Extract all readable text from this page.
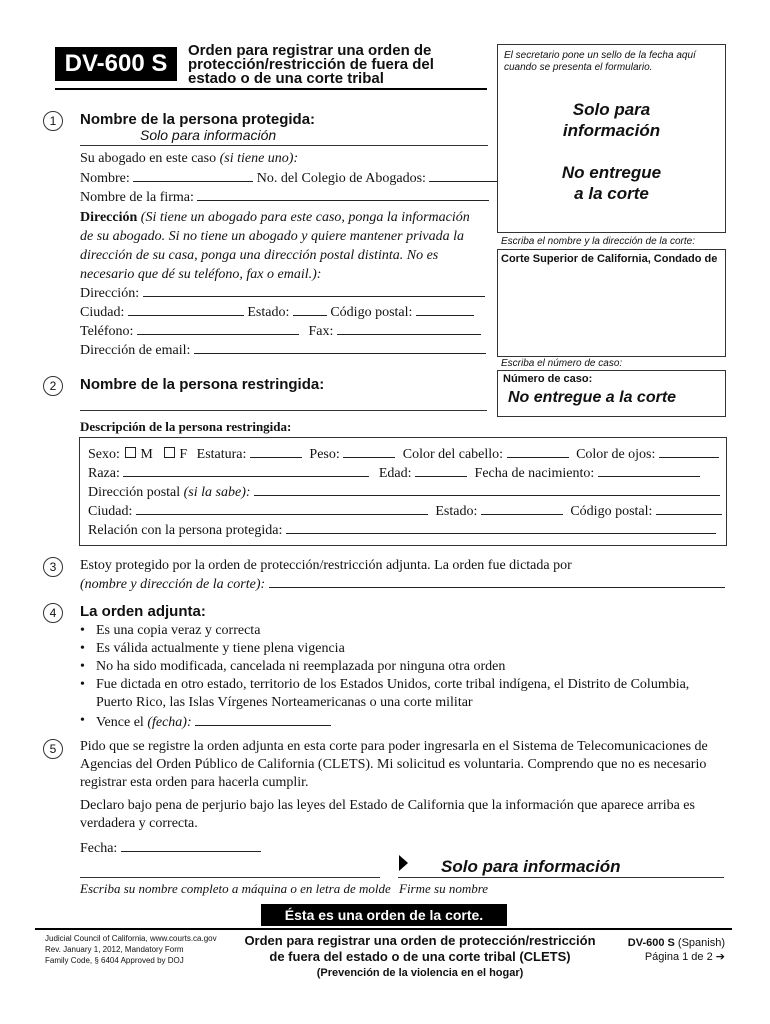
DV-600 S	Orden para registrar una orden de
protección/restricción de fuera del
estado o de una corte tribal
El secretario pone un sello de la fecha aquí cuando se presenta el formulario.
Solo para
información
No entregue
a la corte
Escriba el nombre y la dirección de la corte:
Corte Superior de California, Condado de
Escriba el número de caso:
Número de caso:
No entregue a la corte
1	Nombre de la persona protegida:
Solo para información
Su abogado en este caso (si tiene uno):
Nombre:	No. del Colegio de Abogados:
Nombre de la firma:
Dirección (Si tiene un abogado para este caso, ponga la información
de su abogado. Si no tiene un abogado y quiere mantener privada la
dirección de su casa, ponga una dirección postal distinta. No es
necesario que dé su teléfono, fax o email.):
Dirección:
Ciudad:	Estado:	Código postal:
Teléfono:	Fax:
Dirección de email:
2	Nombre de la persona restringida:
Descripción de la persona restringida:
Sexo: M F Estatura:	Peso:	Color del cabello:	Color de ojos:
Raza:	Edad:	Fecha de nacimiento:
Dirección postal (si la sabe):
Ciudad:	Estado:	Código postal:
Relación con la persona protegida:
3	Estoy protegido por la orden de protección/restricción adjunta. La orden fue dictada por
(nombre y dirección de la corte):
4	La orden adjunta:
• Es una copia veraz y correcta
• Es válida actualmente y tiene plena vigencia
• No ha sido modificada, cancelada ni reemplazada por ninguna otra orden
• Fue dictada en otro estado, territorio de los Estados Unidos, corte tribal indígena, el Distrito de Columbia,
Puerto Rico, las Islas Vírgenes Norteamericanas o una corte militar
• Vence el (fecha):
5	Pido que se registre la orden adjunta en esta corte para poder ingresarla en el Sistema de Telecomunicaciones de
Agencias del Orden Público de California (CLETS). Mi solicitud es voluntaria. Comprendo que no es necesario
registrar esta orden para hacerla cumplir.
Declaro bajo pena de perjurio bajo las leyes del Estado de California que la información que aparece arriba es
verdadera y correcta.
Fecha:
Escriba su nombre completo a máquina o en letra de molde
Solo para información
Firme su nombre
Ésta es una orden de la corte.
Judicial Council of California, www.courts.ca.gov
Rev. January 1, 2012, Mandatory Form
Family Code, § 6404 Approved by DOJ
Orden para registrar una orden de protección/restricción
de fuera del estado o de una corte tribal (CLETS)
(Prevención de la violencia en el hogar)
DV-600 S (Spanish)
Página 1 de 2 ➔
